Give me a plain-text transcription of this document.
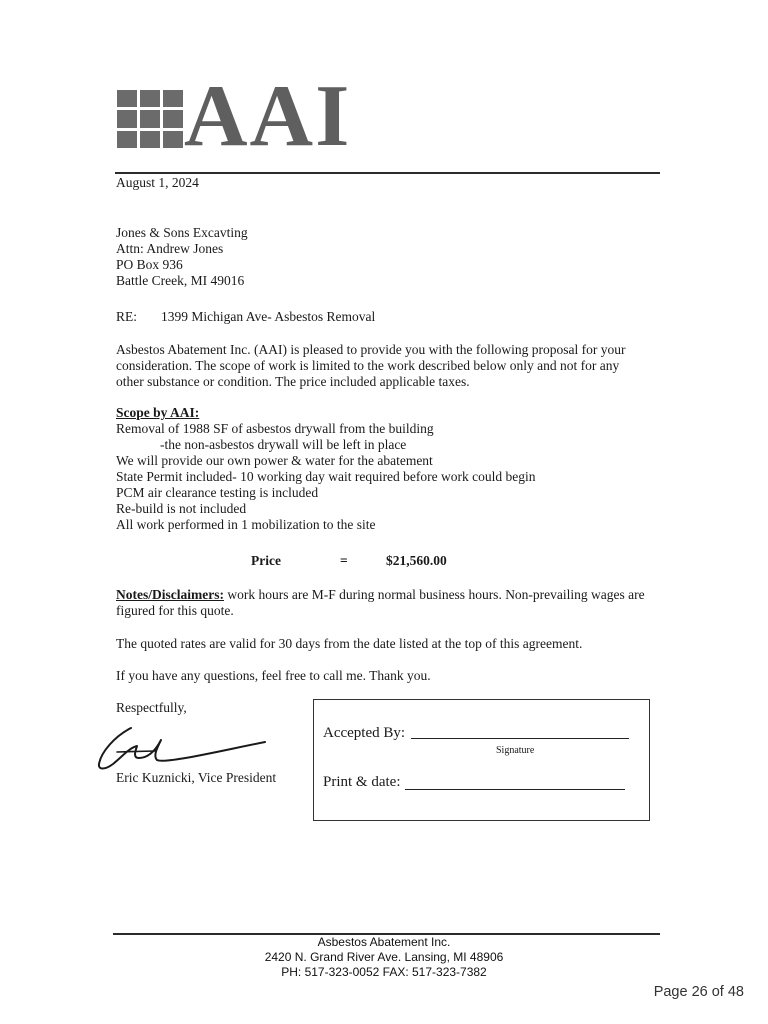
AAI
August 1, 2024
Jones & Sons Excavting
Attn: Andrew Jones
PO Box 936
Battle Creek, MI 49016
RE: 1399 Michigan Ave- Asbestos Removal
Asbestos Abatement Inc. (AAI) is pleased to provide you with the following proposal for your
consideration. The scope of work is limited to the work described below only and not for any
other substance or condition. The price included applicable taxes.
Scope by AAI:
Removal of 1988 SF of asbestos drywall from the building
-the non-asbestos drywall will be left in place
We will provide our own power & water for the abatement
State Permit included- 10 working day wait required before work could begin
PCM air clearance testing is included
Re-build is not included
All work performed in 1 mobilization to the site
Price	=	$21,560.00
Notes/Disclaimers: work hours are M-F during normal business hours. Non-prevailing wages are
figured for this quote.
The quoted rates are valid for 30 days from the date listed at the top of this agreement.
If you have any questions, feel free to call me. Thank you.
Respectfully,
Eric Kuznicki, Vice President
Accepted By:
Signature
Print & date:
Asbestos Abatement Inc.
2420 N. Grand River Ave. Lansing, MI 48906
PH: 517-323-0052 FAX: 517-323-7382
Page 26 of 48
